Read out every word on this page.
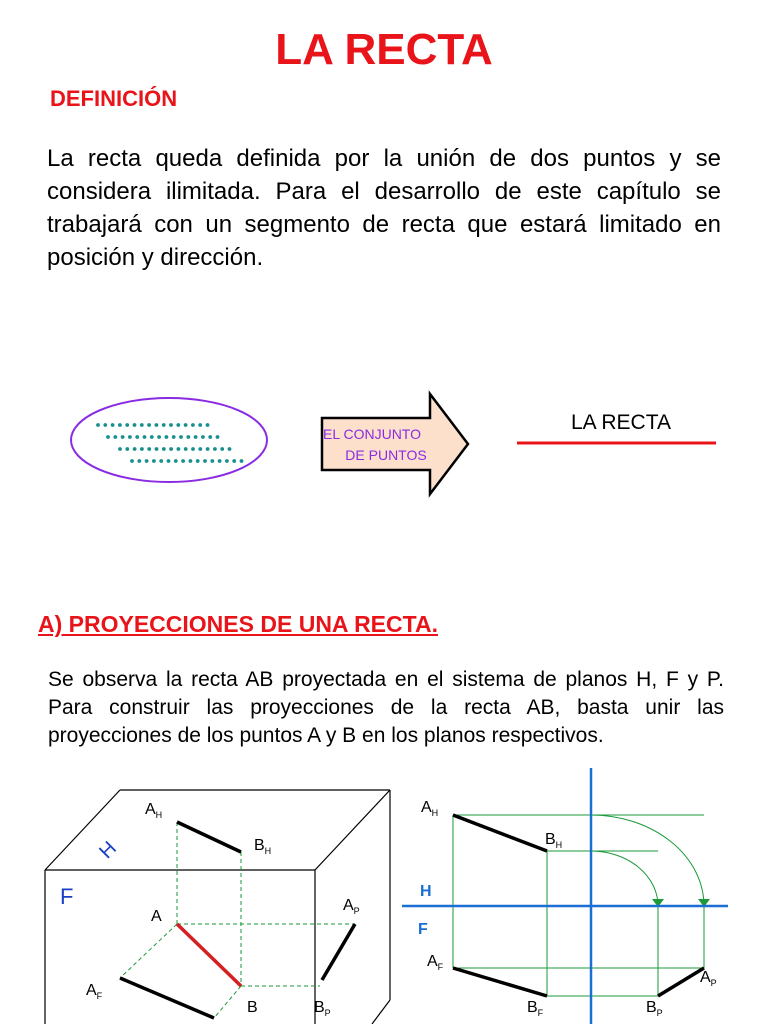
LA RECTA
DEFINICIÓN
La recta queda definida por la unión de dos puntos y se considera ilimitada. Para el desarrollo de este capítulo se trabajará con un segmento de recta que estará limitado en posición y dirección.
EL CONJUNTO
DE PUNTOS
LA RECTA
A) PROYECCIONES DE UNA RECTA.
Se observa la recta AB proyectada en el sistema de planos H, F y P. Para construir las proyecciones de la recta AB, basta unir las proyecciones de los puntos A y B en los planos respectivos.
H
F
$A_H$
$B_H$
A
B
$A_P$
$B_P$
$A_F$
H
F
$A_H$
$B_H$
$A_F$
$B_F$
$A_P$
$B_P$
